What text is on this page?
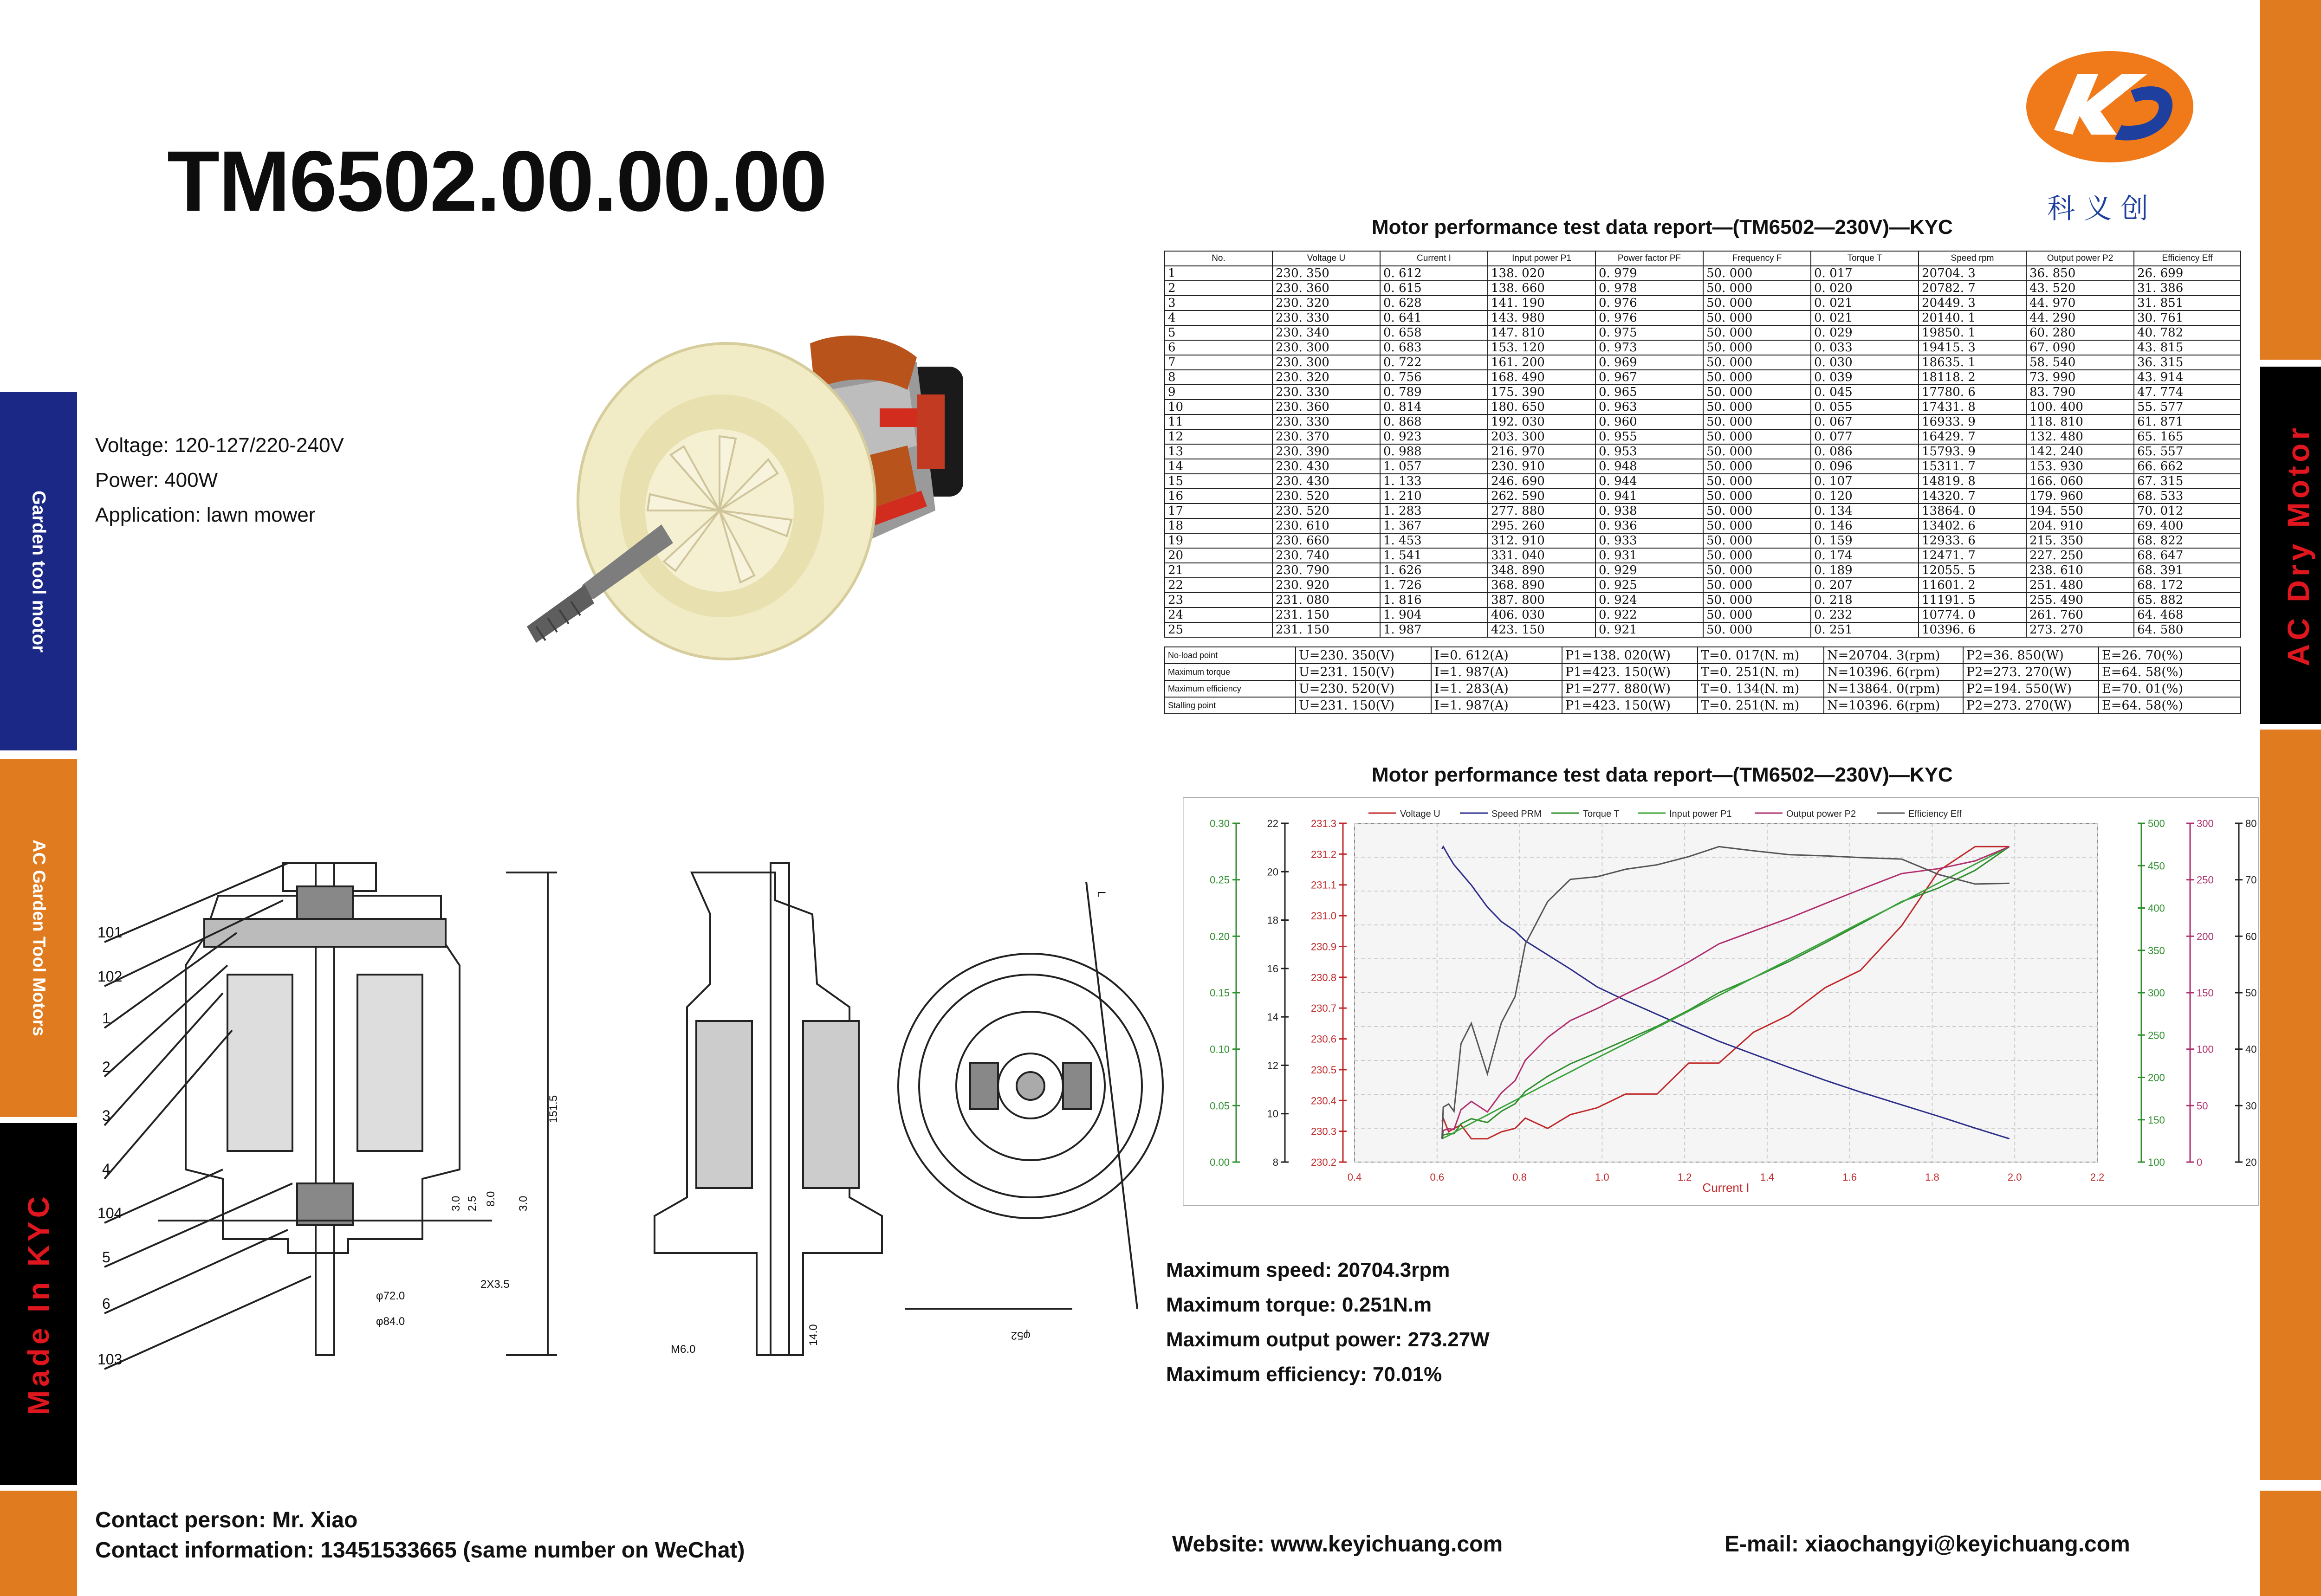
Garden tool motor
AC Garden Tool Motors
Made In KYC
AC Dry Motor
TM6502.00.00.00	科 义 创
Voltage: 120-127/220-240V
Power: 400W
Application: lawn mower
101
102
1
2
3
4
104
5
6
103
151.5
3.0 2.5 8.0 3.0
2X3.5
φ72.0
φ84.0
M6.0
14.0	φ52
L
Motor performance test data report—(TM6502—230V)—KYC
No.	Voltage U	Current I	Input power P1	Power factor PF	Frequency F	Torque T	Speed rpm	Output power P2	Efficiency Eff
1	230. 350	0. 612	138. 020	0. 979	50. 000	0. 017	20704. 3	36. 850	26. 699
2	230. 360	0. 615	138. 660	0. 978	50. 000	0. 020	20782. 7	43. 520	31. 386
3	230. 320	0. 628	141. 190	0. 976	50. 000	0. 021	20449. 3	44. 970	31. 851
4	230. 330	0. 641	143. 980	0. 976	50. 000	0. 021	20140. 1	44. 290	30. 761
5	230. 340	0. 658	147. 810	0. 975	50. 000	0. 029	19850. 1	60. 280	40. 782
6	230. 300	0. 683	153. 120	0. 973	50. 000	0. 033	19415. 3	67. 090	43. 815
7	230. 300	0. 722	161. 200	0. 969	50. 000	0. 030	18635. 1	58. 540	36. 315
8	230. 320	0. 756	168. 490	0. 967	50. 000	0. 039	18118. 2	73. 990	43. 914
9	230. 330	0. 789	175. 390	0. 965	50. 000	0. 045	17780. 6	83. 790	47. 774
10	230. 360	0. 814	180. 650	0. 963	50. 000	0. 055	17431. 8	100. 400	55. 577
11	230. 330	0. 868	192. 030	0. 960	50. 000	0. 067	16933. 9	118. 810	61. 871
12	230. 370	0. 923	203. 300	0. 955	50. 000	0. 077	16429. 7	132. 480	65. 165
13	230. 390	0. 988	216. 970	0. 953	50. 000	0. 086	15793. 9	142. 240	65. 557
14	230. 430	1. 057	230. 910	0. 948	50. 000	0. 096	15311. 7	153. 930	66. 662
15	230. 430	1. 133	246. 690	0. 944	50. 000	0. 107	14819. 8	166. 060	67. 315
16	230. 520	1. 210	262. 590	0. 941	50. 000	0. 120	14320. 7	179. 960	68. 533
17	230. 520	1. 283	277. 880	0. 938	50. 000	0. 134	13864. 0	194. 550	70. 012
18	230. 610	1. 367	295. 260	0. 936	50. 000	0. 146	13402. 6	204. 910	69. 400
19	230. 660	1. 453	312. 910	0. 933	50. 000	0. 159	12933. 6	215. 350	68. 822
20	230. 740	1. 541	331. 040	0. 931	50. 000	0. 174	12471. 7	227. 250	68. 647
21	230. 790	1. 626	348. 890	0. 929	50. 000	0. 189	12055. 5	238. 610	68. 391
22	230. 920	1. 726	368. 890	0. 925	50. 000	0. 207	11601. 2	251. 480	68. 172
23	231. 080	1. 816	387. 800	0. 924	50. 000	0. 218	11191. 5	255. 490	65. 882
24	231. 150	1. 904	406. 030	0. 922	50. 000	0. 232	10774. 0	261. 760	64. 468
25	231. 150	1. 987	423. 150	0. 921	50. 000	0. 251	10396. 6	273. 270	64. 580
No-load point	U=230. 350(V)	I=0. 612(A)	P1=138. 020(W)	T=0. 017(N. m)	N=20704. 3(rpm)	P2=36. 850(W)	E=26. 70(%)
Maximum torque	U=231. 150(V)	I=1. 987(A)	P1=423. 150(W)	T=0. 251(N. m)	N=10396. 6(rpm)	P2=273. 270(W)	E=64. 58(%)
Maximum efficiency	U=230. 520(V)	I=1. 283(A)	P1=277. 880(W)	T=0. 134(N. m)	N=13864. 0(rpm)	P2=194. 550(W)	E=70. 01(%)
Stalling point	U=231. 150(V)	I=1. 987(A)	P1=423. 150(W)	T=0. 251(N. m)	N=10396. 6(rpm)	P2=273. 270(W)	E=64. 58(%)
Motor performance test data report—(TM6502—230V)—KYC
0.4	0.6	0.8	1.0	1.2	1.4	1.6	1.8	2.0	2.2
0.00
0.05
0.10
0.15
0.20
0.25
0.30
8
10
12
14
16
18
20
22
230.2
230.3
230.4
230.5
230.6
230.7
230.8
230.9
231.0
231.1
231.2
231.3
100
150
200
250
300
350
400
450
500
0
50
100
150
200
250
300
20
30
40
50
60
70
80
Voltage U	Speed PRM	Torque T	Input power P1	Output power P2	Efficiency Eff
Current I
Maximum speed: 20704.3rpm
Maximum torque: 0.251N.m
Maximum output power: 273.27W
Maximum efficiency: 70.01%
Contact person: Mr. Xiao
Contact information: 13451533665 (same number on WeChat)	Website: www.keyichuang.com	E-mail: xiaochangyi@keyichuang.com
